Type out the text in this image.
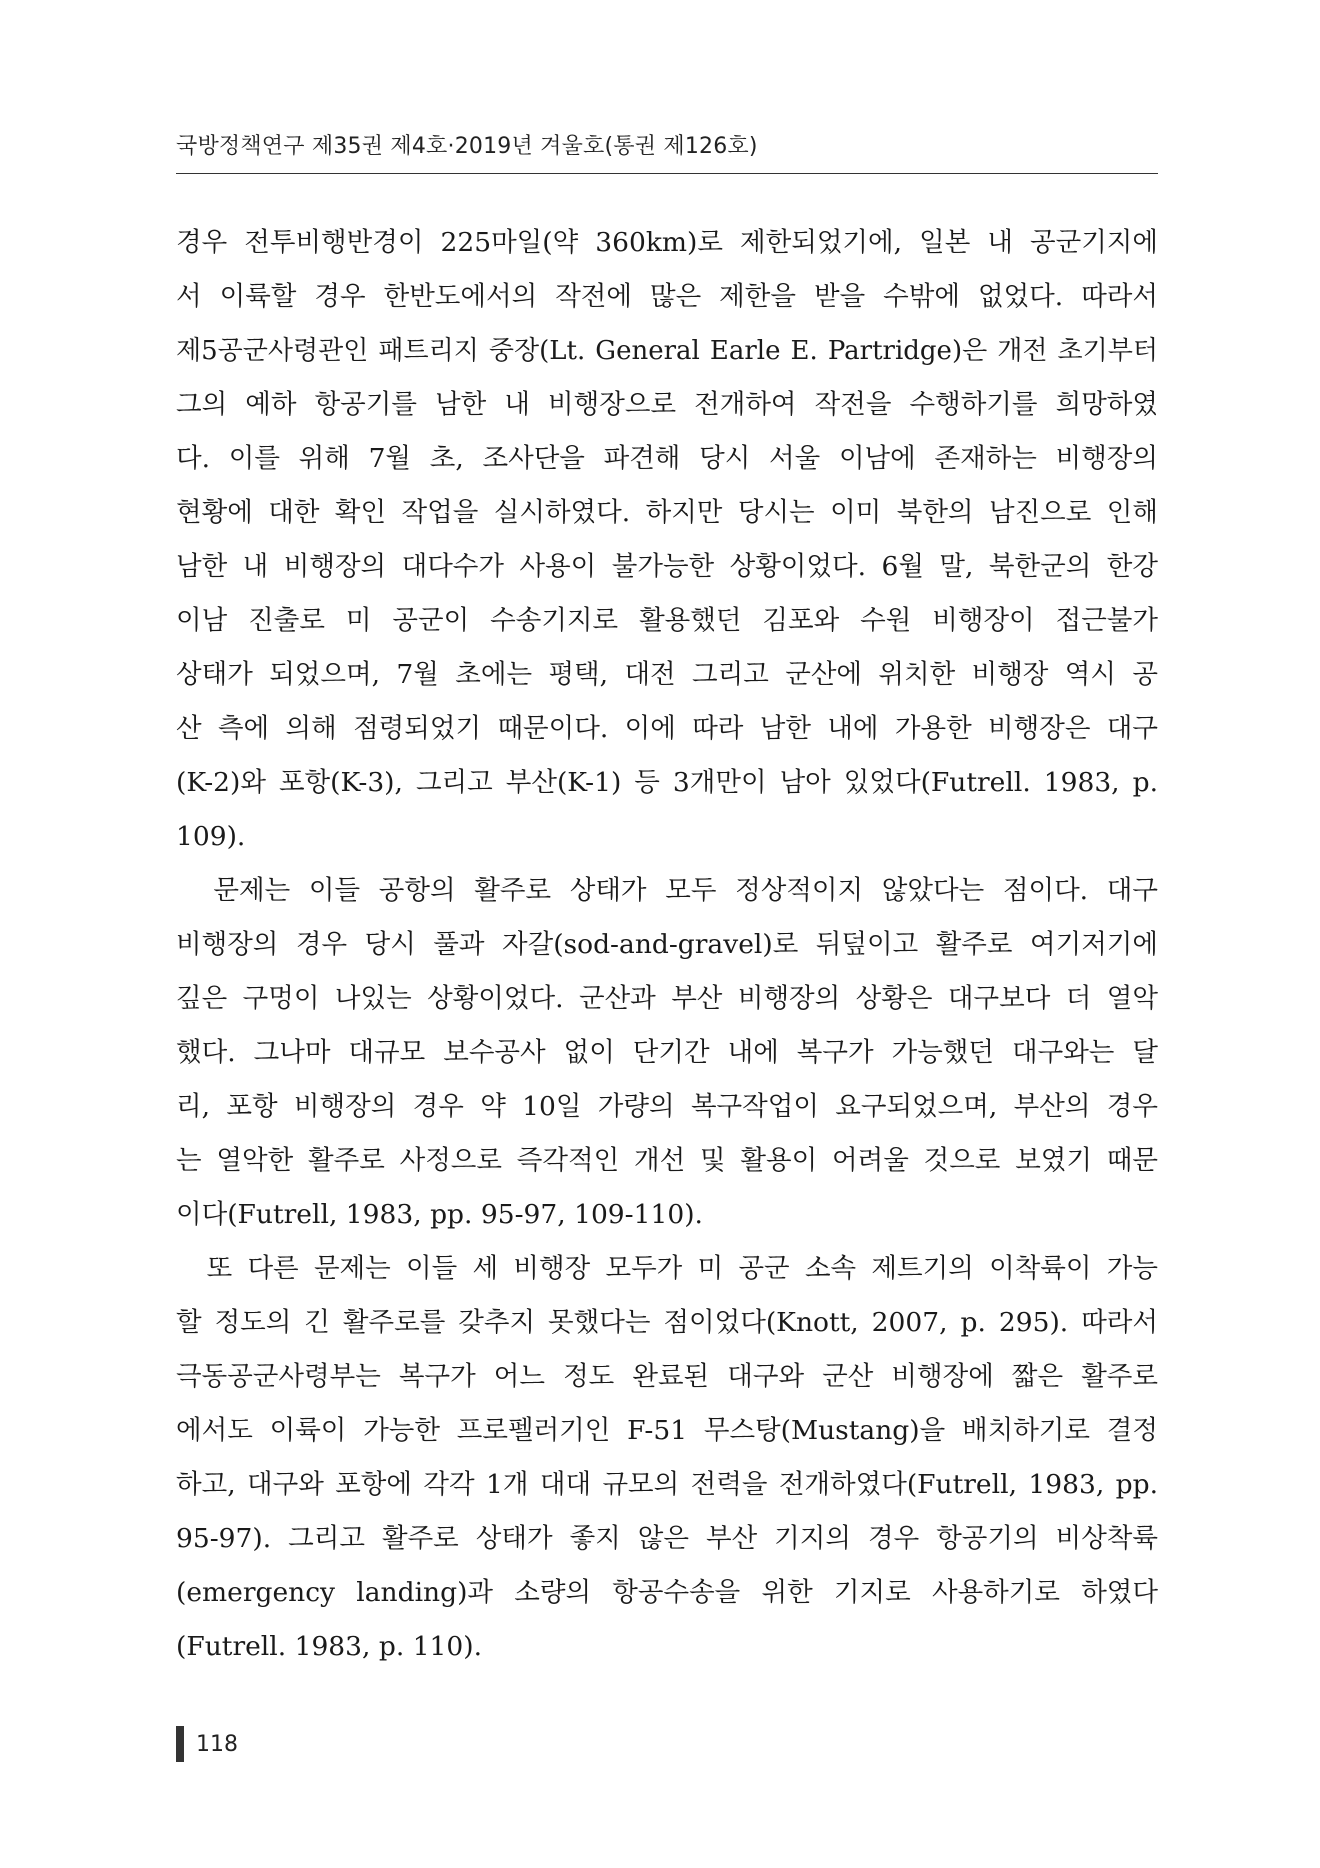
국방정책연구 제35권 제4호·2019년 겨울호(통권 제126호)

경우 전투비행반경이 225마일(약 360km)로 제한되었기에, 일본 내 공군기지에
서 이륙할 경우 한반도에서의 작전에 많은 제한을 받을 수밖에 없었다. 따라서
제5공군사령관인 패트리지 중장(Lt. General Earle E. Partridge)은 개전 초기부터
그의 예하 항공기를 남한 내 비행장으로 전개하여 작전을 수행하기를 희망하였
다. 이를 위해 7월 초, 조사단을 파견해 당시 서울 이남에 존재하는 비행장의
현황에 대한 확인 작업을 실시하였다. 하지만 당시는 이미 북한의 남진으로 인해
남한 내 비행장의 대다수가 사용이 불가능한 상황이었다. 6월 말, 북한군의 한강
이남 진출로 미 공군이 수송기지로 활용했던 김포와 수원 비행장이 접근불가
상태가 되었으며, 7월 초에는 평택, 대전 그리고 군산에 위치한 비행장 역시 공
산 측에 의해 점령되었기 때문이다. 이에 따라 남한 내에 가용한 비행장은 대구
(K-2)와 포항(K-3), 그리고 부산(K-1) 등 3개만이 남아 있었다(Futrell. 1983, p.
109).

문제는 이들 공항의 활주로 상태가 모두 정상적이지 않았다는 점이다. 대구
비행장의 경우 당시 풀과 자갈(sod-and-gravel)로 뒤덮이고 활주로 여기저기에
깊은 구멍이 나있는 상황이었다. 군산과 부산 비행장의 상황은 대구보다 더 열악
했다. 그나마 대규모 보수공사 없이 단기간 내에 복구가 가능했던 대구와는 달
리, 포항 비행장의 경우 약 10일 가량의 복구작업이 요구되었으며, 부산의 경우
는 열악한 활주로 사정으로 즉각적인 개선 및 활용이 어려울 것으로 보였기 때문
이다(Futrell, 1983, pp. 95-97, 109-110).

또 다른 문제는 이들 세 비행장 모두가 미 공군 소속 제트기의 이착륙이 가능
할 정도의 긴 활주로를 갖추지 못했다는 점이었다(Knott, 2007, p. 295). 따라서
극동공군사령부는 복구가 어느 정도 완료된 대구와 군산 비행장에 짧은 활주로
에서도 이륙이 가능한 프로펠러기인 F-51 무스탕(Mustang)을 배치하기로 결정
하고, 대구와 포항에 각각 1개 대대 규모의 전력을 전개하였다(Futrell, 1983, pp.
95-97). 그리고 활주로 상태가 좋지 않은 부산 기지의 경우 항공기의 비상착륙
(emergency landing)과 소량의 항공수송을 위한 기지로 사용하기로 하였다
(Futrell. 1983, p. 110).

118
